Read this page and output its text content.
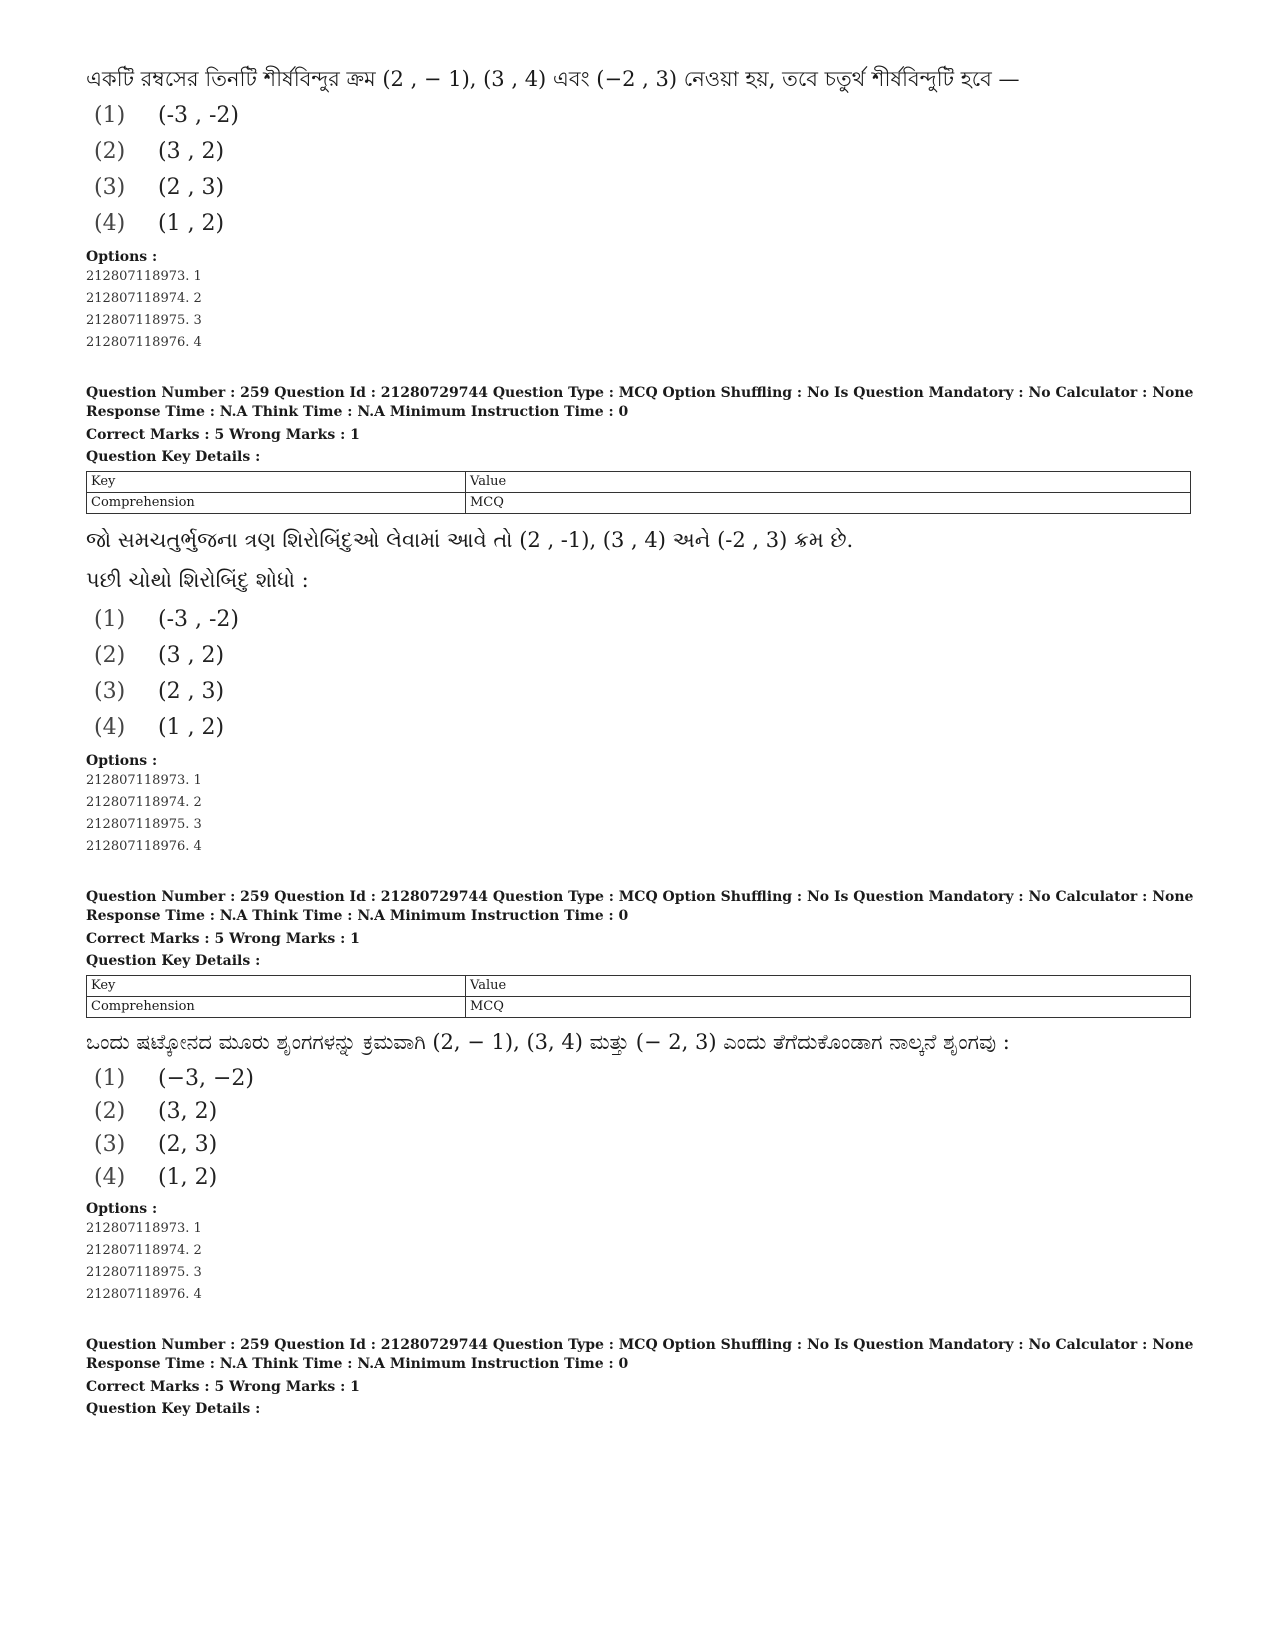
একটি রম্বসের তিনটি শীর্ষবিন্দুর ক্রম (2 , − 1), (3 , 4) এবং (−2 , 3) নেওয়া হয়, তবে চতুর্থ শীর্ষবিন্দুটি হবে —

(1) (-3 , -2)
(2) (3 , 2)
(3) (2 , 3)
(4) (1 , 2)
Options :
212807118973. 1
212807118974. 2
212807118975. 3
212807118976. 4
Question Number : 259 Question Id : 21280729744 Question Type : MCQ Option Shuffling : No Is Question Mandatory : No Calculator : None
Response Time : N.A Think Time : N.A Minimum Instruction Time : 0
Correct Marks : 5 Wrong Marks : 1
Question Key Details :
Key	Value
Comprehension	MCQ

જો સમચતુર્ભુજના ત્રણ શિરોબિંદુઓ લેવામાં આવે તો (2 , -1), (3 , 4) અને (-2 , 3) ક્રમ છે.

પછી ચોથો શિરોબિંદુ શોધો :

(1) (-3 , -2)
(2) (3 , 2)
(3) (2 , 3)
(4) (1 , 2)
Options :
212807118973. 1
212807118974. 2
212807118975. 3
212807118976. 4
Question Number : 259 Question Id : 21280729744 Question Type : MCQ Option Shuffling : No Is Question Mandatory : No Calculator : None
Response Time : N.A Think Time : N.A Minimum Instruction Time : 0
Correct Marks : 5 Wrong Marks : 1
Question Key Details :
Key	Value
Comprehension	MCQ

ಒಂದು ಷಟ್ಕೋನದ ಮೂರು ಶೃಂಗಗಳನ್ನು ಕ್ರಮವಾಗಿ (2, − 1), (3, 4) ಮತ್ತು (− 2, 3) ಎಂದು ತೆಗೆದುಕೊಂಡಾಗ ನಾಲ್ಕನೆ ಶೃಂಗವು :

(1) (−3, −2)
(2) (3, 2)
(3) (2, 3)
(4) (1, 2)
Options :
212807118973. 1
212807118974. 2
212807118975. 3
212807118976. 4
Question Number : 259 Question Id : 21280729744 Question Type : MCQ Option Shuffling : No Is Question Mandatory : No Calculator : None
Response Time : N.A Think Time : N.A Minimum Instruction Time : 0
Correct Marks : 5 Wrong Marks : 1
Question Key Details :
